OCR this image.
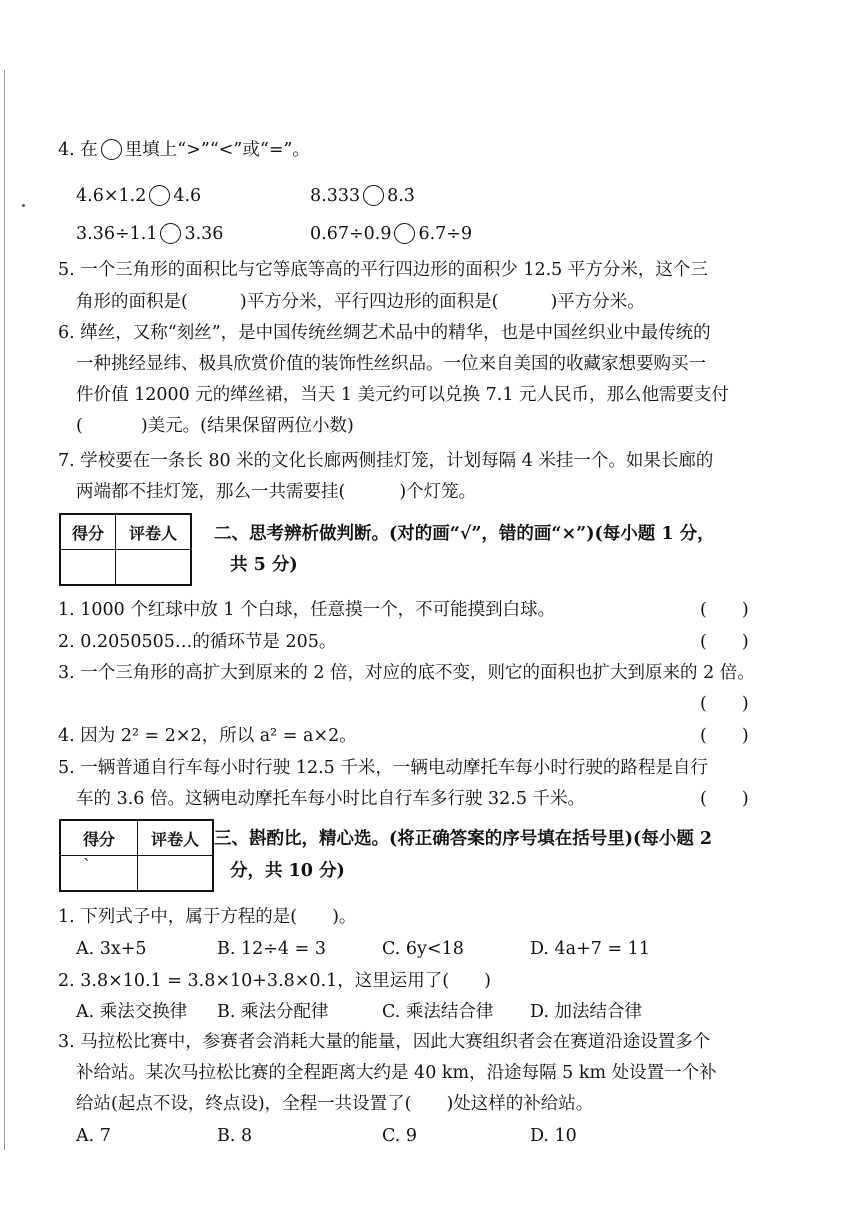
4. 在 里填上“>”“<”或“=”。
4.6×1.2 4.6	8.333 8.3̇
3.36÷1.1 3.36	0.67÷0.9 6.7÷9
5. 一个三角形的面积比与它等底等高的平行四边形的面积少 12.5 平方分米，这个三
角形的面积是(	)平方分米，平行四边形的面积是(	)平方分米。
6. 缂丝，又称“刻丝”，是中国传统丝绸艺术品中的精华，也是中国丝织业中最传统的
一种挑经显纬、极具欣赏价值的装饰性丝织品。一位来自美国的收藏家想要购买一
件价值 12000 元的缂丝裙，当天 1 美元约可以兑换 7.1 元人民币，那么他需要支付
(	)美元。(结果保留两位小数)
7. 学校要在一条长 80 米的文化长廊两侧挂灯笼，计划每隔 4 米挂一个。如果长廊的
两端都不挂灯笼，那么一共需要挂(	)个灯笼。
得分	评卷人
	二、思考辨析做判断。(对的画“√”，错的画“×”)(每小题 1 分，
共 5 分)
1. 1000 个红球中放 1 个白球，任意摸一个，不可能摸到白球。	(　　)
2. 0.2050505…的循环节是 205。	(　　)
3. 一个三角形的高扩大到原来的 2 倍，对应的底不变，则它的面积也扩大到原来的 2 倍。
(　　)
4. 因为 2² = 2×2，所以 a² = a×2。	(　　)
5. 一辆普通自行车每小时行驶 12.5 千米，一辆电动摩托车每小时行驶的路程是自行
车的 3.6 倍。这辆电动摩托车每小时比自行车多行驶 32.5 千米。	(　　)
得分	评卷人
`	
三、斟酌比，精心选。(将正确答案的序号填在括号里)(每小题 2
分，共 10 分)
1. 下列式子中，属于方程的是(　　)。
A. 3x+5	B. 12÷4 = 3	C. 6y<18	D. 4a+7 = 11
2. 3.8×10.1 = 3.8×10+3.8×0.1，这里运用了(　　)
A. 乘法交换律 B. 乘法分配律	C. 乘法结合律 D. 加法结合律
3. 马拉松比赛中，参赛者会消耗大量的能量，因此大赛组织者会在赛道沿途设置多个
补给站。某次马拉松比赛的全程距离大约是 40 km，沿途每隔 5 km 处设置一个补
给站(起点不设，终点设)，全程一共设置了(　　)处这样的补给站。
A. 7	B. 8	C. 9	D. 10
